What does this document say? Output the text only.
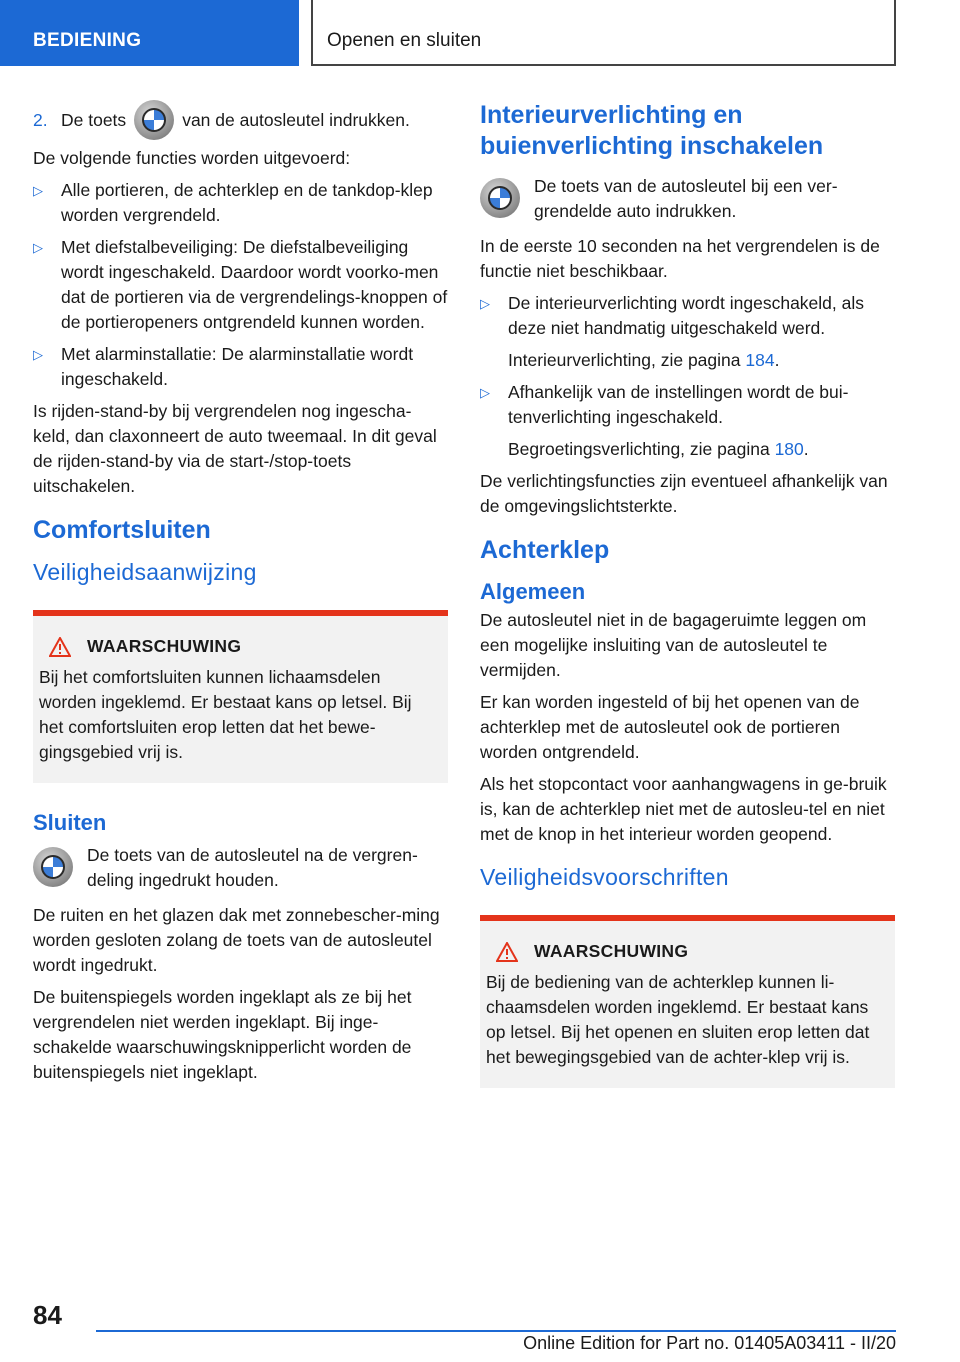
BEDIENING	Openen en sluiten
2. De toets	van de autosleutel indrukken.

De volgende functies worden uitgevoerd:

▷ Alle portieren, de achterklep en de tankdop-klep worden vergrendeld.
▷ Met diefstalbeveiliging: De diefstalbeveiliging wordt ingeschakeld. Daardoor wordt voorko-men dat de portieren via de vergrendelings-knoppen of de portieropeners ontgrendeld kunnen worden.
▷ Met alarminstallatie: De alarminstallatie wordt ingeschakeld.

Is rijden-stand-by bij vergrendelen nog ingescha-keld, dan claxonneert de auto tweemaal. In dit geval de rijden-stand-by via de start-/stop-toets uitschakelen.

Comfortsluiten
Veiligheidsaanwijzing
WAARSCHUWING

Bij het comfortsluiten kunnen lichaamsdelen worden ingeklemd. Er bestaat kans op letsel. Bij het comfortsluiten erop letten dat het bewe-gingsgebied vrij is.

Sluiten
De toets van de autosleutel na de vergren-deling ingedrukt houden.

De ruiten en het glazen dak met zonnebescher-ming worden gesloten zolang de toets van de autosleutel wordt ingedrukt.

De buitenspiegels worden ingeklapt als ze bij het vergrendelen niet werden ingeklapt. Bij inge-schakelde waarschuwingsknipperlicht worden de buitenspiegels niet ingeklapt.

Interieurverlichting en buienverlichting inschakelen
De toets van de autosleutel bij een ver-grendelde auto indrukken.

In de eerste 10 seconden na het vergrendelen is de functie niet beschikbaar.

▷ De interieurverlichting wordt ingeschakeld, als deze niet handmatig uitgeschakeld werd.
Interieurverlichting, zie pagina 184.
▷ Afhankelijk van de instellingen wordt de bui-tenverlichting ingeschakeld.
Begroetingsverlichting, zie pagina 180.

De verlichtingsfuncties zijn eventueel afhankelijk van de omgevingslichtsterkte.

Achterklep
Algemeen

De autosleutel niet in de bagageruimte leggen om een mogelijke insluiting van de autosleutel te vermijden.

Er kan worden ingesteld of bij het openen van de achterklep met de autosleutel ook de portieren worden ontgrendeld.

Als het stopcontact voor aanhangwagens in ge-bruik is, kan de achterklep niet met de autosleu-tel en niet met de knop in het interieur worden geopend.

Veiligheidsvoorschriften
WAARSCHUWING

Bij de bediening van de achterklep kunnen li-chaamsdelen worden ingeklemd. Er bestaat kans op letsel. Bij het openen en sluiten erop letten dat het bewegingsgebied van de achter-klep vrij is.

84
Online Edition for Part no. 01405A03411 - II/20
